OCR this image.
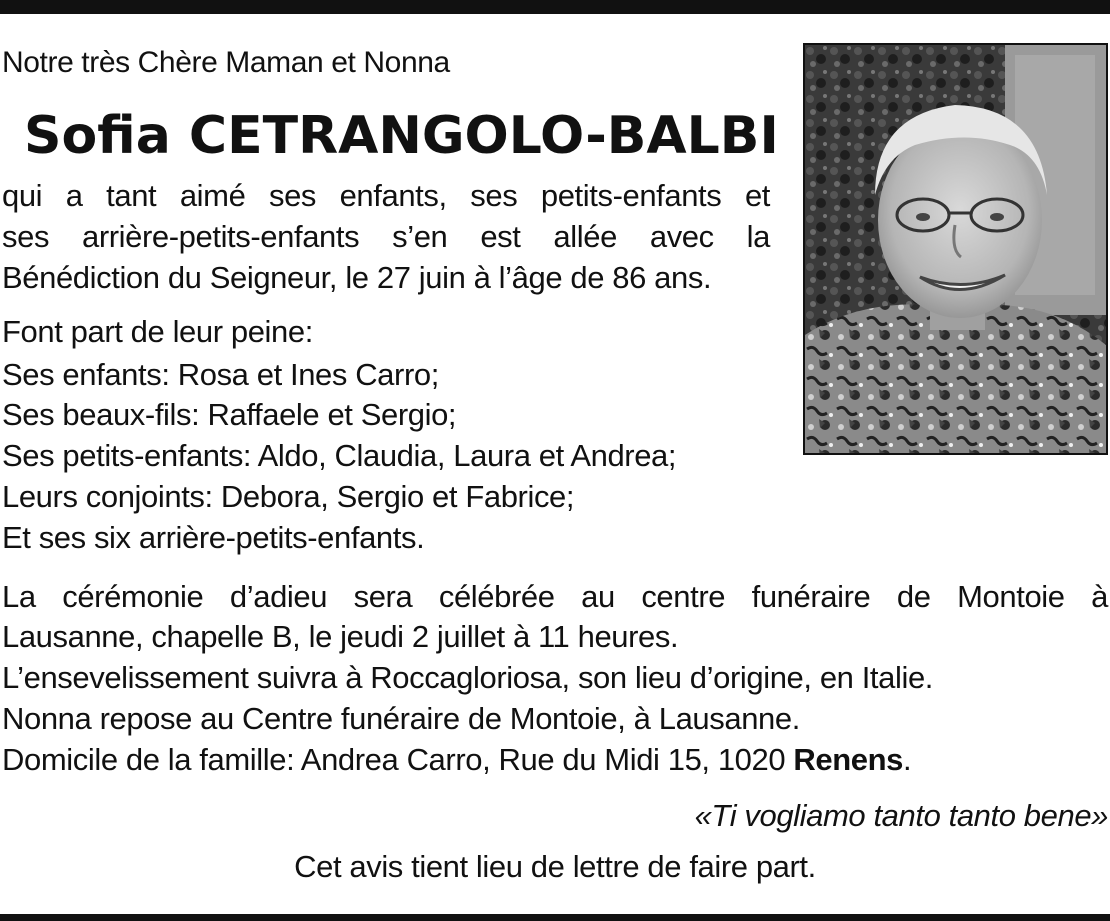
Notre très Chère Maman et Nonna

Sofia CETRANGOLO-BALBI

qui a tant aimé ses enfants, ses petits-enfants et

ses arrière-petits-enfants s’en est allée avec la

Bénédiction du Seigneur, le 27 juin à l’âge de 86 ans.

Font part de leur peine:

Ses enfants: Rosa et Ines Carro;

Ses beaux-fils: Raffaele et Sergio;

Ses petits-enfants: Aldo, Claudia, Laura et Andrea;

Leurs conjoints: Debora, Sergio et Fabrice;

Et ses six arrière-petits-enfants.

La cérémonie d’adieu sera célébrée au centre funéraire de Montoie à

Lausanne, chapelle B, le jeudi 2 juillet à 11 heures.

L’ensevelissement suivra à Roccagloriosa, son lieu d’origine, en Italie.

Nonna repose au Centre funéraire de Montoie, à Lausanne.

Domicile de la famille: Andrea Carro, Rue du Midi 15, 1020 Renens.

«Ti vogliamo tanto tanto bene»

Cet avis tient lieu de lettre de faire part.
